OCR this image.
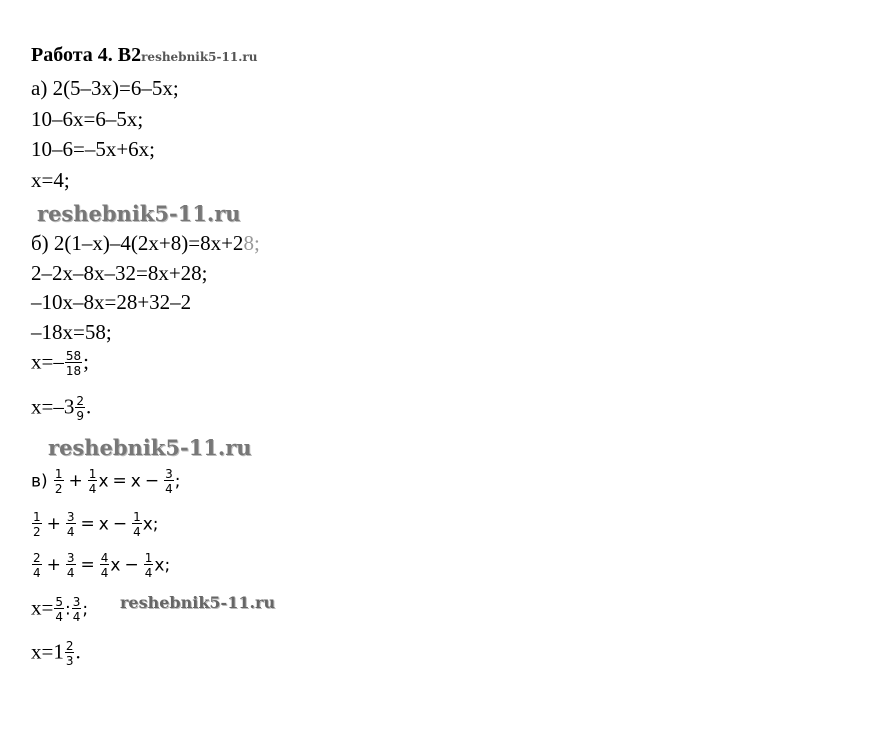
Работа 4. B2reshebnik5-11.ru
а) 2(5–3x)=6–5x;
10–6x=6–5x;
10–6=–5x+6x;
x=4;
reshebnik5-11.ru
б) 2(1–x)–4(2x+8)=8x+28;
2–2x–8x–32=8x+28;
–10x–8x=28+32–2
–18x=58;
$x=- \frac{58}{18}$ ;
$x=-3 \frac{2}{9}$ .
reshebnik5-11.ru
$в) \frac{1}{2} + \frac{1}{4}$ $x = x - \frac{3}{4}$ ;
$\frac{1}{2} + \frac{3}{4} = x - \frac{1}{4} x$;
$\frac{2}{4} + \frac{3}{4} = \frac{4}{4}$ $x - \frac{1}{4} x$;
$x= \frac{5}{4}$ : $\frac{3}{4}$ ; reshebnik5-11.ru
$x=1 \frac{2}{3}$ .
